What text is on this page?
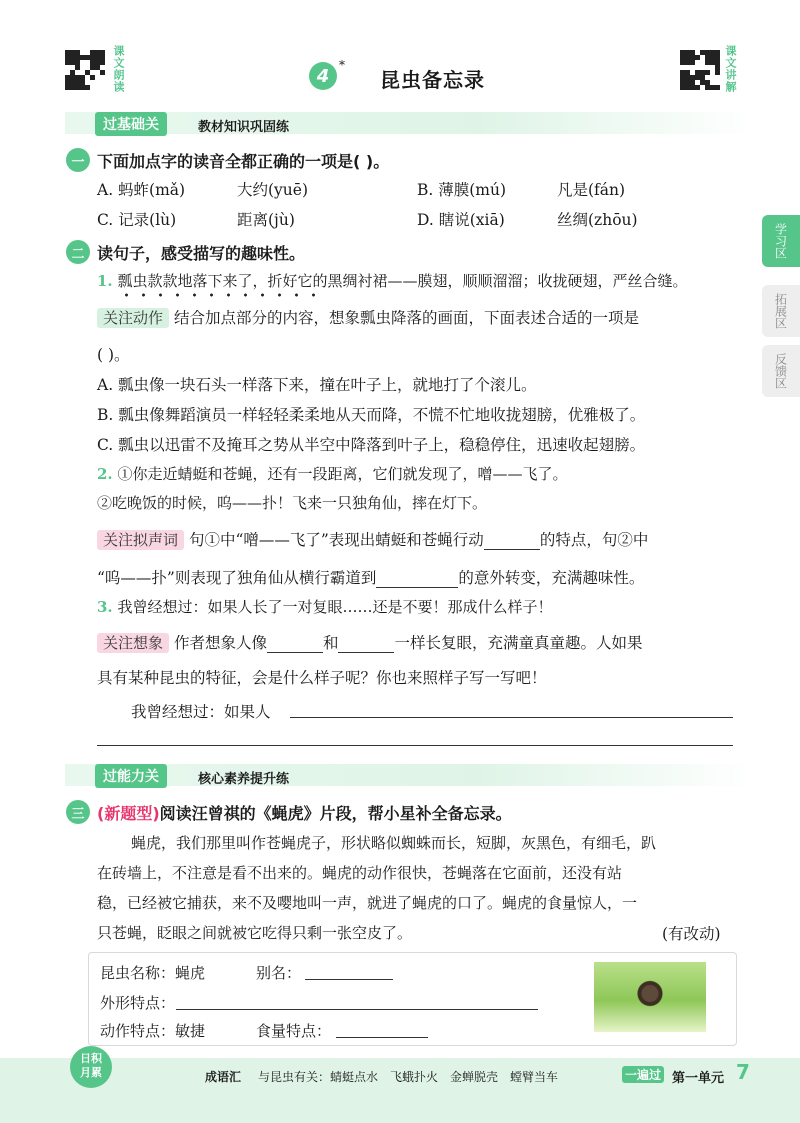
课文朗读	4
*
昆虫备忘录	课文讲解
过基础关	教材知识巩固练
一 下面加点字的读音全都正确的一项是( )。
A. 蚂蚱(mǎ)	大约(yuē)	B. 薄膜(mú)	凡是(fán)
C. 记录(lù)	距离(jù)	D. 瞎说(xiā)	丝绸(zhōu)
二 读句子，感受描写的趣味性。
1. 瓢虫款款地落下来了，折好它的黑绸衬裙——膜翅，顺顺溜溜；收拢硬翅，严丝合缝。
关注动作 结合加点部分的内容，想象瓢虫降落的画面，下面表述合适的一项是
( )。
A. 瓢虫像一块石头一样落下来，撞在叶子上，就地打了个滚儿。
B. 瓢虫像舞蹈演员一样轻轻柔柔地从天而降，不慌不忙地收拢翅膀，优雅极了。
C. 瓢虫以迅雷不及掩耳之势从半空中降落到叶子上，稳稳停住，迅速收起翅膀。
2. ①你走近蜻蜓和苍蝇，还有一段距离，它们就发现了，噌——飞了。
②吃晚饭的时候，呜——扑！飞来一只独角仙，摔在灯下。
关注拟声词 句①中“噌——飞了”表现出蜻蜓和苍蝇行动	的特点，句②中
“呜——扑”则表现了独角仙从横行霸道到	的意外转变，充满趣味性。
3. 我曾经想过：如果人长了一对复眼……还是不要！那成什么样子！
关注想象 作者想象人像	和	一样长复眼，充满童真童趣。人如果
具有某种昆虫的特征，会是什么样子呢？你也来照样子写一写吧！
我曾经想过：如果人
过能力关	核心素养提升练
三 (新题型)阅读汪曾祺的《蝇虎》片段，帮小星补全备忘录。
蝇虎，我们那里叫作苍蝇虎子，形状略似蜘蛛而长，短脚，灰黑色，有细毛，趴
在砖墙上，不注意是看不出来的。蝇虎的动作很快，苍蝇落在它面前，还没有站
稳，已经被它捕获，来不及嘤地叫一声，就进了蝇虎的口了。蝇虎的食量惊人，一
只苍蝇，眨眼之间就被它吃得只剩一张空皮了。	(有改动)
昆虫名称：蝇虎	别名：
外形特点：
动作特点：敏捷	食量特点：
学习区
拓展区
反馈区
日积月累	成语汇 与昆虫有关：蜻蜓点水　飞蛾扑火　金蝉脱壳　螳臂当车	一遍过 第一单元 7
